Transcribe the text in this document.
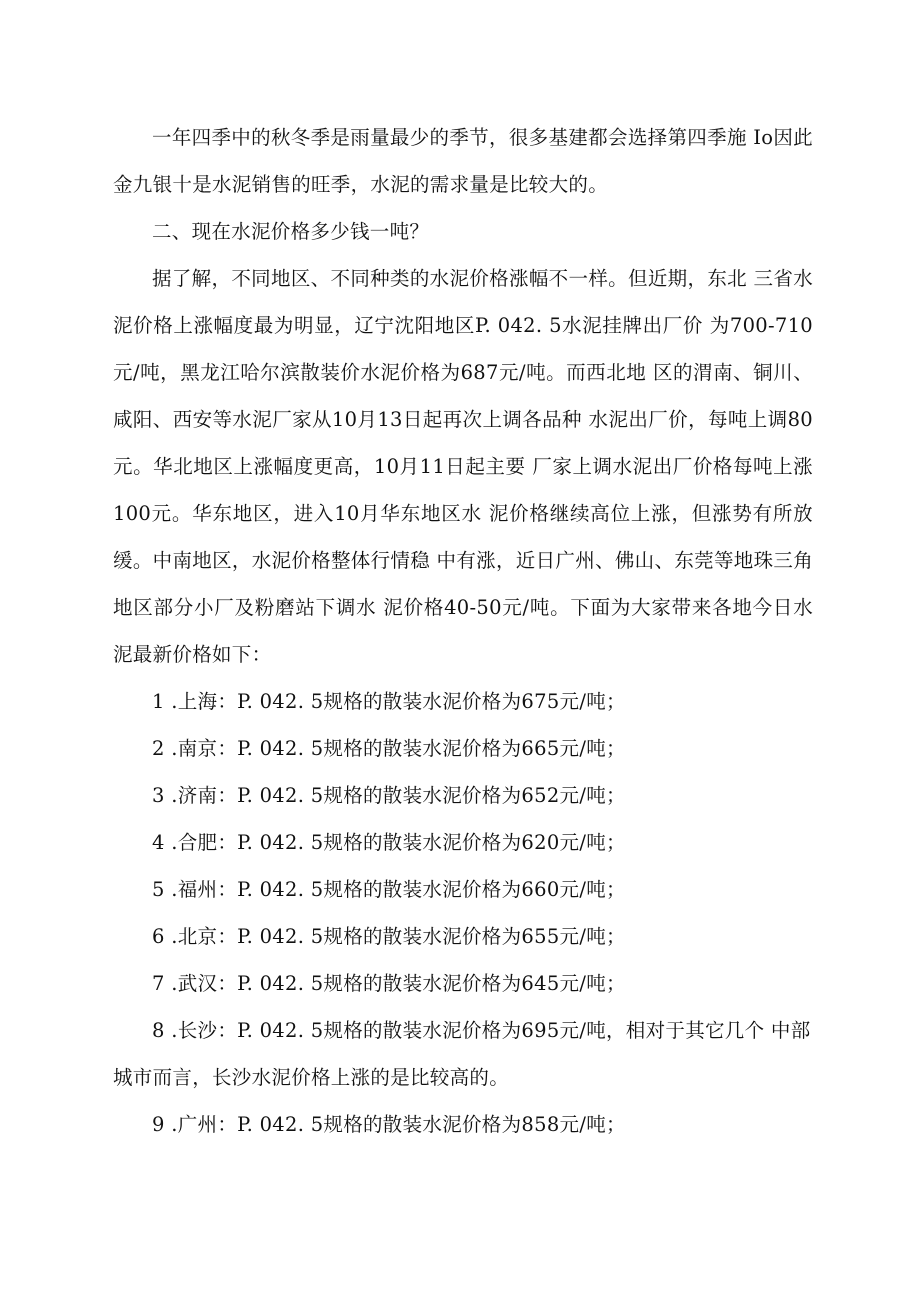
一年四季中的秋冬季是雨量最少的季节，很多基建都会选择第四季施 Io因此金九银十是水泥销售的旺季，水泥的需求量是比较大的。

二、现在水泥价格多少钱一吨？

据了解，不同地区、不同种类的水泥价格涨幅不一样。但近期，东北 三省水泥价格上涨幅度最为明显，辽宁沈阳地区P. 042. 5水泥挂牌出厂价 为700-710元/吨，黑龙江哈尔滨散装价水泥价格为687元/吨。而西北地 区的渭南、铜川、咸阳、西安等水泥厂家从10月13日起再次上调各品种 水泥出厂价，每吨上调80元。华北地区上涨幅度更高，10月11日起主要 厂家上调水泥出厂价格每吨上涨100元。华东地区，进入10月华东地区水 泥价格继续高位上涨，但涨势有所放缓。中南地区，水泥价格整体行情稳 中有涨，近日广州、佛山、东莞等地珠三角地区部分小厂及粉磨站下调水 泥价格40-50元/吨。下面为大家带来各地今日水泥最新价格如下：

1 .上海：P. 042. 5规格的散装水泥价格为675元/吨；

2 .南京：P. 042. 5规格的散装水泥价格为665元/吨；

3 .济南：P. 042. 5规格的散装水泥价格为652元/吨；

4 .合肥：P. 042. 5规格的散装水泥价格为620元/吨；

5 .福州：P. 042. 5规格的散装水泥价格为660元/吨；

6 .北京：P. 042. 5规格的散装水泥价格为655元/吨；

7 .武汉：P. 042. 5规格的散装水泥价格为645元/吨；

8 .长沙：P. 042. 5规格的散装水泥价格为695元/吨，相对于其它几个 中部城市而言，长沙水泥价格上涨的是比较高的。

9 .广州：P. 042. 5规格的散装水泥价格为858元/吨；
